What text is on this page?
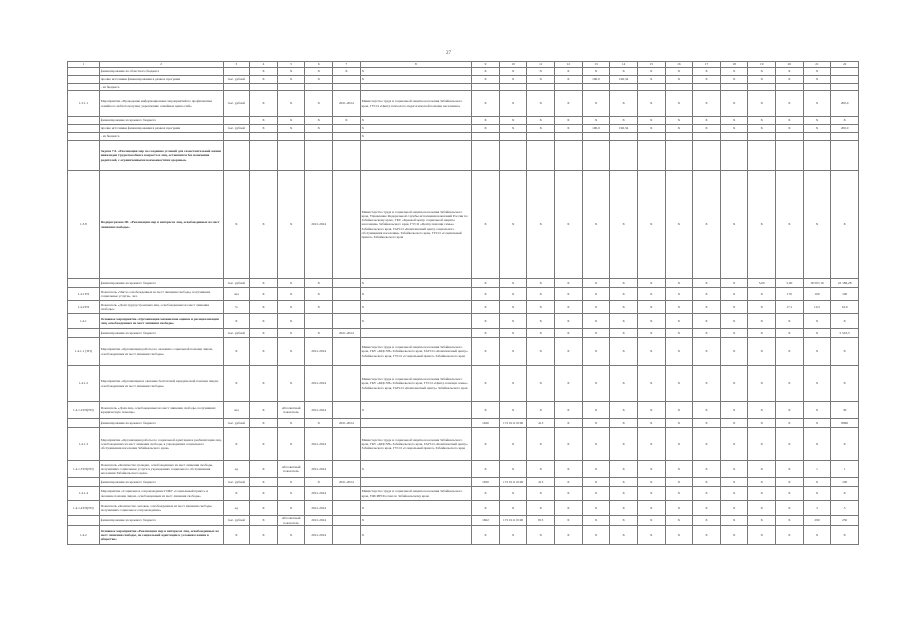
27
1	2	3	4	5	6	7	8	9	10	11	12	13	14	15	16	17	18	19	20	21	22
	финансирование из областного бюджета		X	X	X	X	X	X	X	X	X	X	X	X	X	X	X	X	X	X	
	прочие источники финансирования в рамках программ	тыс. рублей	X	X	X		X	X	X	X	X	190,0	196,34	X	X	X	X	X	X	X	
	- из бюджета																				
1.3.1.1	Мероприятие «Проведение информационных мероприятий по профилактике семейного неблагополучия, укреплению семейных ценностей»	тыс. рублей	X	X	X	2021-2024	Министерство труда и социальной защиты населения Забайкальского края, ГУСО «Центр психолого-педагогической помощи населению»	X	X	X	X	X	X	X	X	X	X	X	X	X	200,0
	финансирование из краевого бюджета		X	X	X	X	X	X	X	X	X	X	X	X	X	X	X	X	X	X	X
	прочие источники финансирования в рамках программ	тыс. рублей	X	X	X		X	X	X	X	X	190,0	196,34	X	X	X	X	X	X	X	200,0
	- из бюджета						X														
	Задача 7.6. «Реализация мер по созданию условий для самостоятельной жизни инвалидов трудоспособного возраста и лиц, оставшихся без попечения родителей, с ограниченными возможностями здоровья»																				
1.3.8	Подпрограмма III. «Реализация мер в интересах лиц, освобожденных из мест лишения свободы»	X	X	X	2021-2024		Министерство труда и социальной защиты населения Забайкальского края, Управление Федеральной службы исполнения наказаний России по Забайкальскому краю, ГКУ «Краевой центр социальной защиты населения» Забайкальского края, ГУСО «Центр помощи семье» Забайкальского края, ГАУСО «Комплексный центр социального обслуживания населения» Забайкальского края, ГУСО «Социальный приют» Забайкальского края	X	X	X	X	X	X	X	X	X	X	X	X	X	X
	финансирование из краевого бюджета	тыс. рублей	X	X	X		X	X	X	X	X	X	X	X	X	X	X	5,00	5,00	18 507,16	22 186,28
1.4.1ТП	Показатель «Число освобожденных из мест лишения свободы, получивших социальные услуги», чел.	чел	X	X	X		X	X	X	X	X	X	X	X	X	X	X	X	170	100	100
1.4.2ТП	Показатель «Доля трудоустроенных лиц, освобожденных из мест лишения свободы»	%	X	X	X		X	X	X	X	X	X	X	X	X	X	X	X	17,1	10,5	16,0
1.4.1	Основное мероприятие «Организация механизмов оценки и ресоциализации лиц, освобожденных из мест лишения свободы»	X	X	X			X	X	X	X	X	X	X	X	X	X	X	X	X	X	X
	финансирование из краевого бюджета	тыс. рублей	X	X	X	2021-2024		X	X	X	X	X	X	X	X	X	X	X	X	X	5 543,5
1.4.1.1 (ТП)	Мероприятие «Организация работы по оказанию социальной помощи лицам, освобожденным из мест лишения свободы»	X	X	X	2021-2024		Министерство труда и социальной защиты населения Забайкальского края, ГКУ «КЦСЗН» Забайкальского края, ГАУСО «Комплексный центр» Забайкальского края, ГУСО «Социальный приют» Забайкальского края	X	X	X	X	X	X	X	X	X	X	X	X	X	X
1.4.1.2	Мероприятие «Организация и оказание бесплатной юридической помощи лицам, освобожденным из мест лишения свободы»	X	X	X	2021-2024		Министерство труда и социальной защиты населения Забайкальского края, ГКУ «КЦСЗН» Забайкальского края, ГУСО «Центр помощи семье» Забайкальского края, ГАУСО «Комплексный центр» Забайкальского края	X	X	X	X	X	X	X	X	X	X	X	X	X	X
1.4.1.2ТП(ТП)	Показатель «Доля лиц, освобожденных из мест лишения свободы, получивших юридическую помощь»	чел	X	Абсолютный показатель	2021-2024		X	X	X	X	X	X	X	X	X	X	X	X	X	X	39
	финансирование из краевого бюджета	тыс. рублей	X	X	X	2021-2024		1620	172 0111 0190	413	X	X	X	X	X	X	X	X	X	X	8960
1.4.1.3	Мероприятие «Организация работы по социальной адаптации и реабилитации лиц, освобожденных из мест лишения свободы, в учреждениях социального обслуживания населения Забайкальского края»	X	X	X	2021-2024		Министерство труда и социальной защиты населения Забайкальского края, ГКУ «КЦСЗН» Забайкальского края, ГАУСО «Комплексный центр» Забайкальского края, ГУСО «Социальный приют» Забайкальского края	X	X	X	X	X	X	X	X	X	X	X	X	X	X
1.4.1.3ТП(ТП)	Показатель «Количество граждан, освобожденных из мест лишения свободы, получивших социальные услуги в учреждениях социального обслуживания населения Забайкальского края»	ед	X	Абсолютный показатель	2021-2024		X	X	X	X	X	X	X	X	X	X	X	X	X	1	1
	финансирование из краевого бюджета	тыс. рублей	X	X	X	2021-2024		1650	172 0111 0190	413	X	X	X	X	X	X	X	X	X	X	100
1.4.1.4	Мероприятие «Социальное сопровождение ГОБУ «Социальный приют» и оказание помощи лицам, освобожденным из мест лишения свободы»	X	X	X	2021-2024		Министерство труда и социальной защиты населения Забайкальского края, УФСИН России по Забайкальскому краю	X	X	X	X	X	X	X	X	X	X	X	X	X	X
1.4.1.4ТП(ТП)	Показатель «Количество человек, освобожденных из мест лишения свободы, получивших социальное сопровождение»	ед	X	X	2021-2024		X	X	X	X	X	X	X	X	X	X	X	X	X	3	3
	финансирование из краевого бюджета	тыс. рублей	X	Абсолютный показатель	2021-2024		X	1602	172 0111 0190	813	X	X	X	X	X	X	X	X	X	290	250
1.4.2	Основное мероприятие «Реализация мер в интересах лиц, освобожденных из мест лишения свободы, по социальной адаптации к условиям жизни в обществе»	X	X	X	2021-2024		X	X	X	X	X	X	X	X	X	X	X	X	X	X	X
